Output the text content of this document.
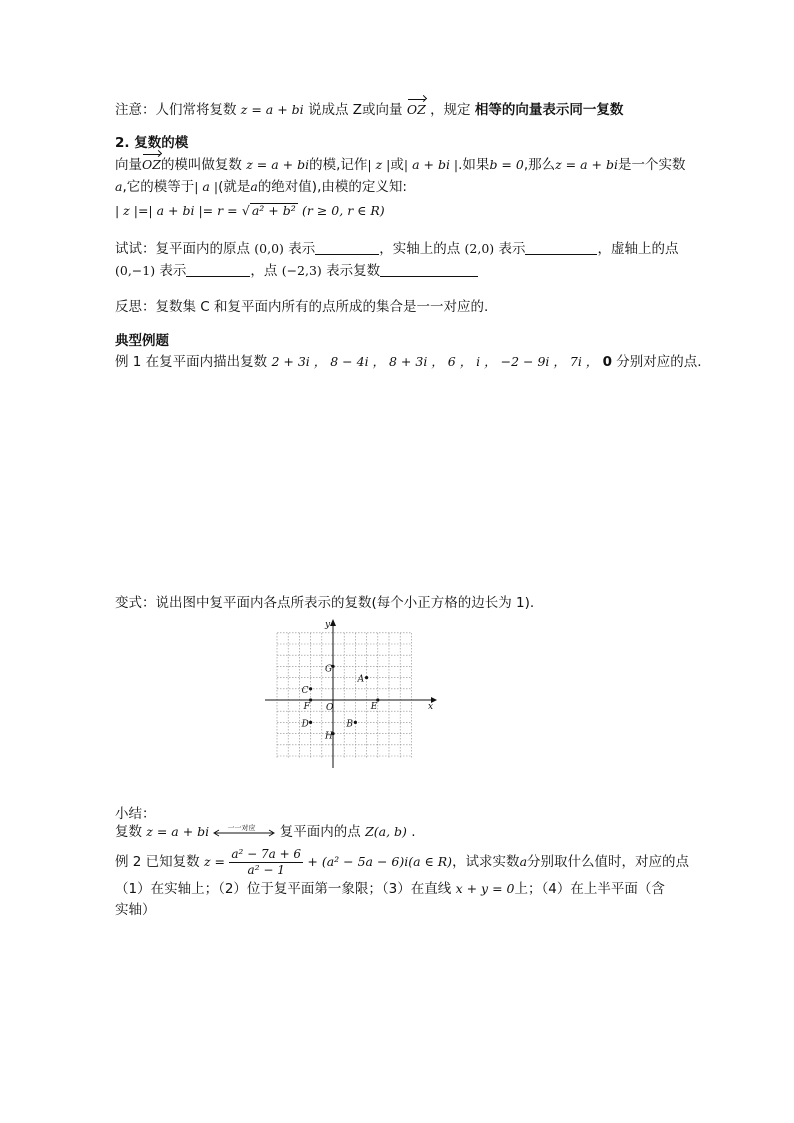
注意：人们常将复数 z = a + bi 说成点 Z或向量 OZ ，规定 相等的向量表示同一复数
2. 复数的模
向量OZ的模叫做复数 z = a + bi的模,记作| z |或| a + bi |.如果b = 0,那么z = a + bi是一个实数
a,它的模等于| a |(就是a的绝对值),由模的定义知:
| z |=| a + bi |= r = √ a² + b² (r ≥ 0, r ∈ R)
试试：复平面内的原点 (0,0) 表示	，实轴上的点 (2,0) 表示	，虚轴上的点
(0,−1) 表示	，点 (−2,3) 表示复数
反思：复数集 C 和复平面内所有的点所成的集合是一一对应的.
典型例题
例 1 在复平面内描出复数 2 + 3i ， 8 − 4i ， 8 + 3i ， 6 ， i ， −2 − 9i ， 7i ， 0 分别对应的点.
变式：说出图中复平面内各点所表示的复数(每个小正方格的边长为 1).
x
y
O
A
B
C
D
E
F
G
H
小结：
复数 z = a + bi	一一对应 复平面内的点 Z(a, b) .
例 2 已知复数 $z = \frac{\text{a² − 7a + 6}}{\text{a² − 1}} + (a^2 - 5a - 6)i(a$ ∈ R)，试求实数a分别取什么值时，对应的点
（1）在实轴上；（2）位于复平面第一象限；（3）在直线 x + y = 0上；（4）在上半平面（含
实轴）
